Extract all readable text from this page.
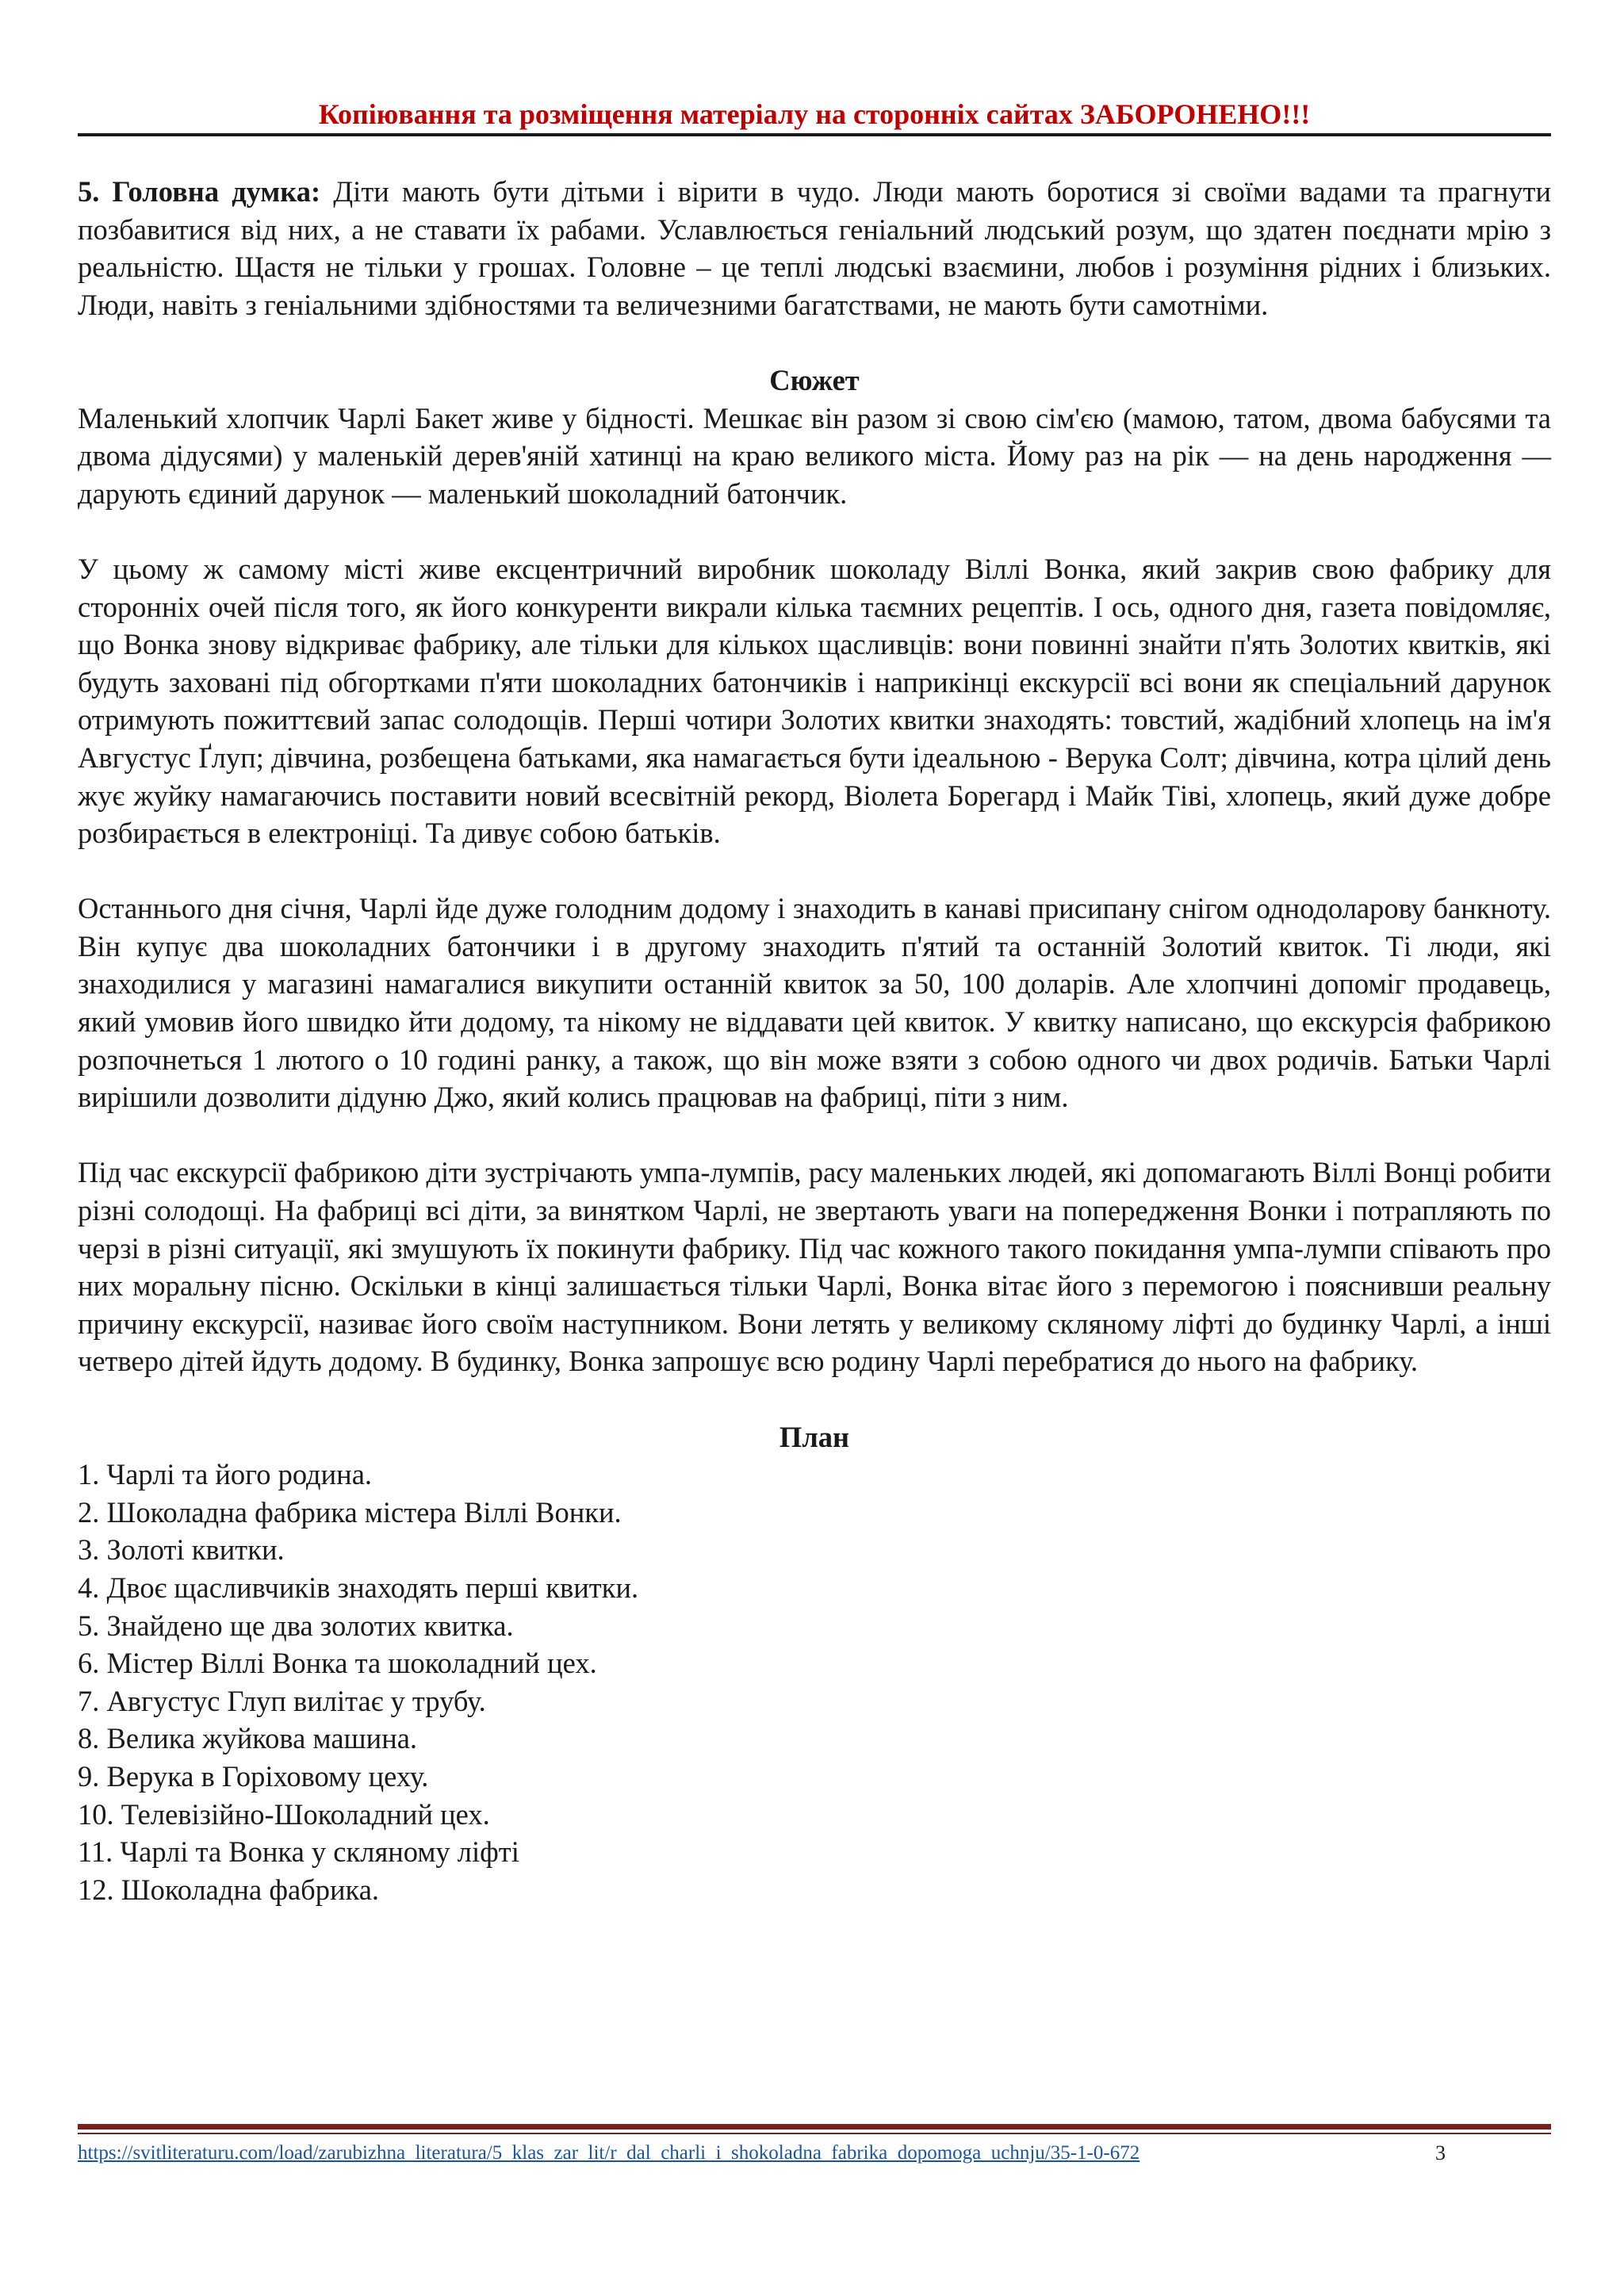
Копіювання та розміщення матеріалу на сторонніх сайтах ЗАБОРОНЕНО!!!

5. Головна думка: Діти мають бути дітьми і вірити в чудо. Люди мають боротися зі своїми вадами та прагнути позбавитися від них, а не ставати їх рабами. Уславлюється геніальний людський розум, що здатен поєднати мрію з реальністю. Щастя не тільки у грошах. Головне – це теплі людські взаємини, любов і розуміння рідних і близьких. Люди, навіть з геніальними здібностями та величезними багатствами, не мають бути самотніми.

Сюжет

Маленький хлопчик Чарлі Бакет живе у бідності. Мешкає він разом зі свою сім'єю (мамою, татом, двома бабусями та двома дідусями) у маленькій дерев'яній хатинці на краю великого міста. Йому раз на рік — на день народження — дарують єдиний дарунок — маленький шоколадний батончик.

У цьому ж самому місті живе ексцентричний виробник шоколаду Віллі Вонка, який закрив свою фабрику для сторонніх очей після того, як його конкуренти викрали кілька таємних рецептів. І ось, одного дня, газета повідомляє, що Вонка знову відкриває фабрику, але тільки для кількох щасливців: вони повинні знайти п'ять Золотих квитків, які будуть заховані під обгортками п'яти шоколадних батончиків і наприкінці екскурсії всі вони як спеціальний дарунок отримують пожиттєвий запас солодощів. Перші чотири Золотих квитки знаходять: товстий, жадібний хлопець на ім'я Августус Ґлуп; дівчина, розбещена батьками, яка намагається бути ідеальною - Верука Солт; дівчина, котра цілий день жує жуйку намагаючись поставити новий всесвітній рекорд, Віолета Борегард і Майк Тіві, хлопець, який дуже добре розбирається в електроніці. Та дивує собою батьків.

Останнього дня січня, Чарлі йде дуже голодним додому і знаходить в канаві присипану снігом однодоларову банкноту. Він купує два шоколадних батончики і в другому знаходить п'ятий та останній Золотий квиток. Ті люди, які знаходилися у магазині намагалися викупити останній квиток за 50, 100 доларів. Але хлопчині допоміг продавець, який умовив його швидко йти додому, та нікому не віддавати цей квиток. У квитку написано, що екскурсія фабрикою розпочнеться 1 лютого о 10 годині ранку, а також, що він може взяти з собою одного чи двох родичів. Батьки Чарлі вирішили дозволити дідуню Джо, який колись працював на фабриці, піти з ним.

Під час екскурсії фабрикою діти зустрічають умпа-лумпів, расу маленьких людей, які допомагають Віллі Вонці робити різні солодощі. На фабриці всі діти, за винятком Чарлі, не звертають уваги на попередження Вонки і потрапляють по черзі в різні ситуації, які змушують їх покинути фабрику. Під час кожного такого покидання умпа-лумпи співають про них моральну пісню. Оскільки в кінці залишається тільки Чарлі, Вонка вітає його з перемогою і пояснивши реальну причину екскурсії, називає його своїм наступником. Вони летять у великому скляному ліфті до будинку Чарлі, а інші четверо дітей йдуть додому. В будинку, Вонка запрошує всю родину Чарлі перебратися до нього на фабрику.

План

1. Чарлі та його родина.
2. Шоколадна фабрика містера Віллі Вонки.
3. Золоті квитки.
4. Двоє щасливчиків знаходять перші квитки.
5. Знайдено ще два золотих квитка.
6. Містер Віллі Вонка та шоколадний цех.
7. Августус Глуп вилітає у трубу.
8. Велика жуйкова машина.
9. Верука в Горіховому цеху.
10. Телевізійно-Шоколадний цех.
11. Чарлі та Вонка у скляному ліфті
12. Шоколадна фабрика.
https://svitliteraturu.com/load/zarubizhna_literatura/5_klas_zar_lit/r_dal_charli_i_shokoladna_fabrika_dopomoga_uchnju/35-1-0-672	3
